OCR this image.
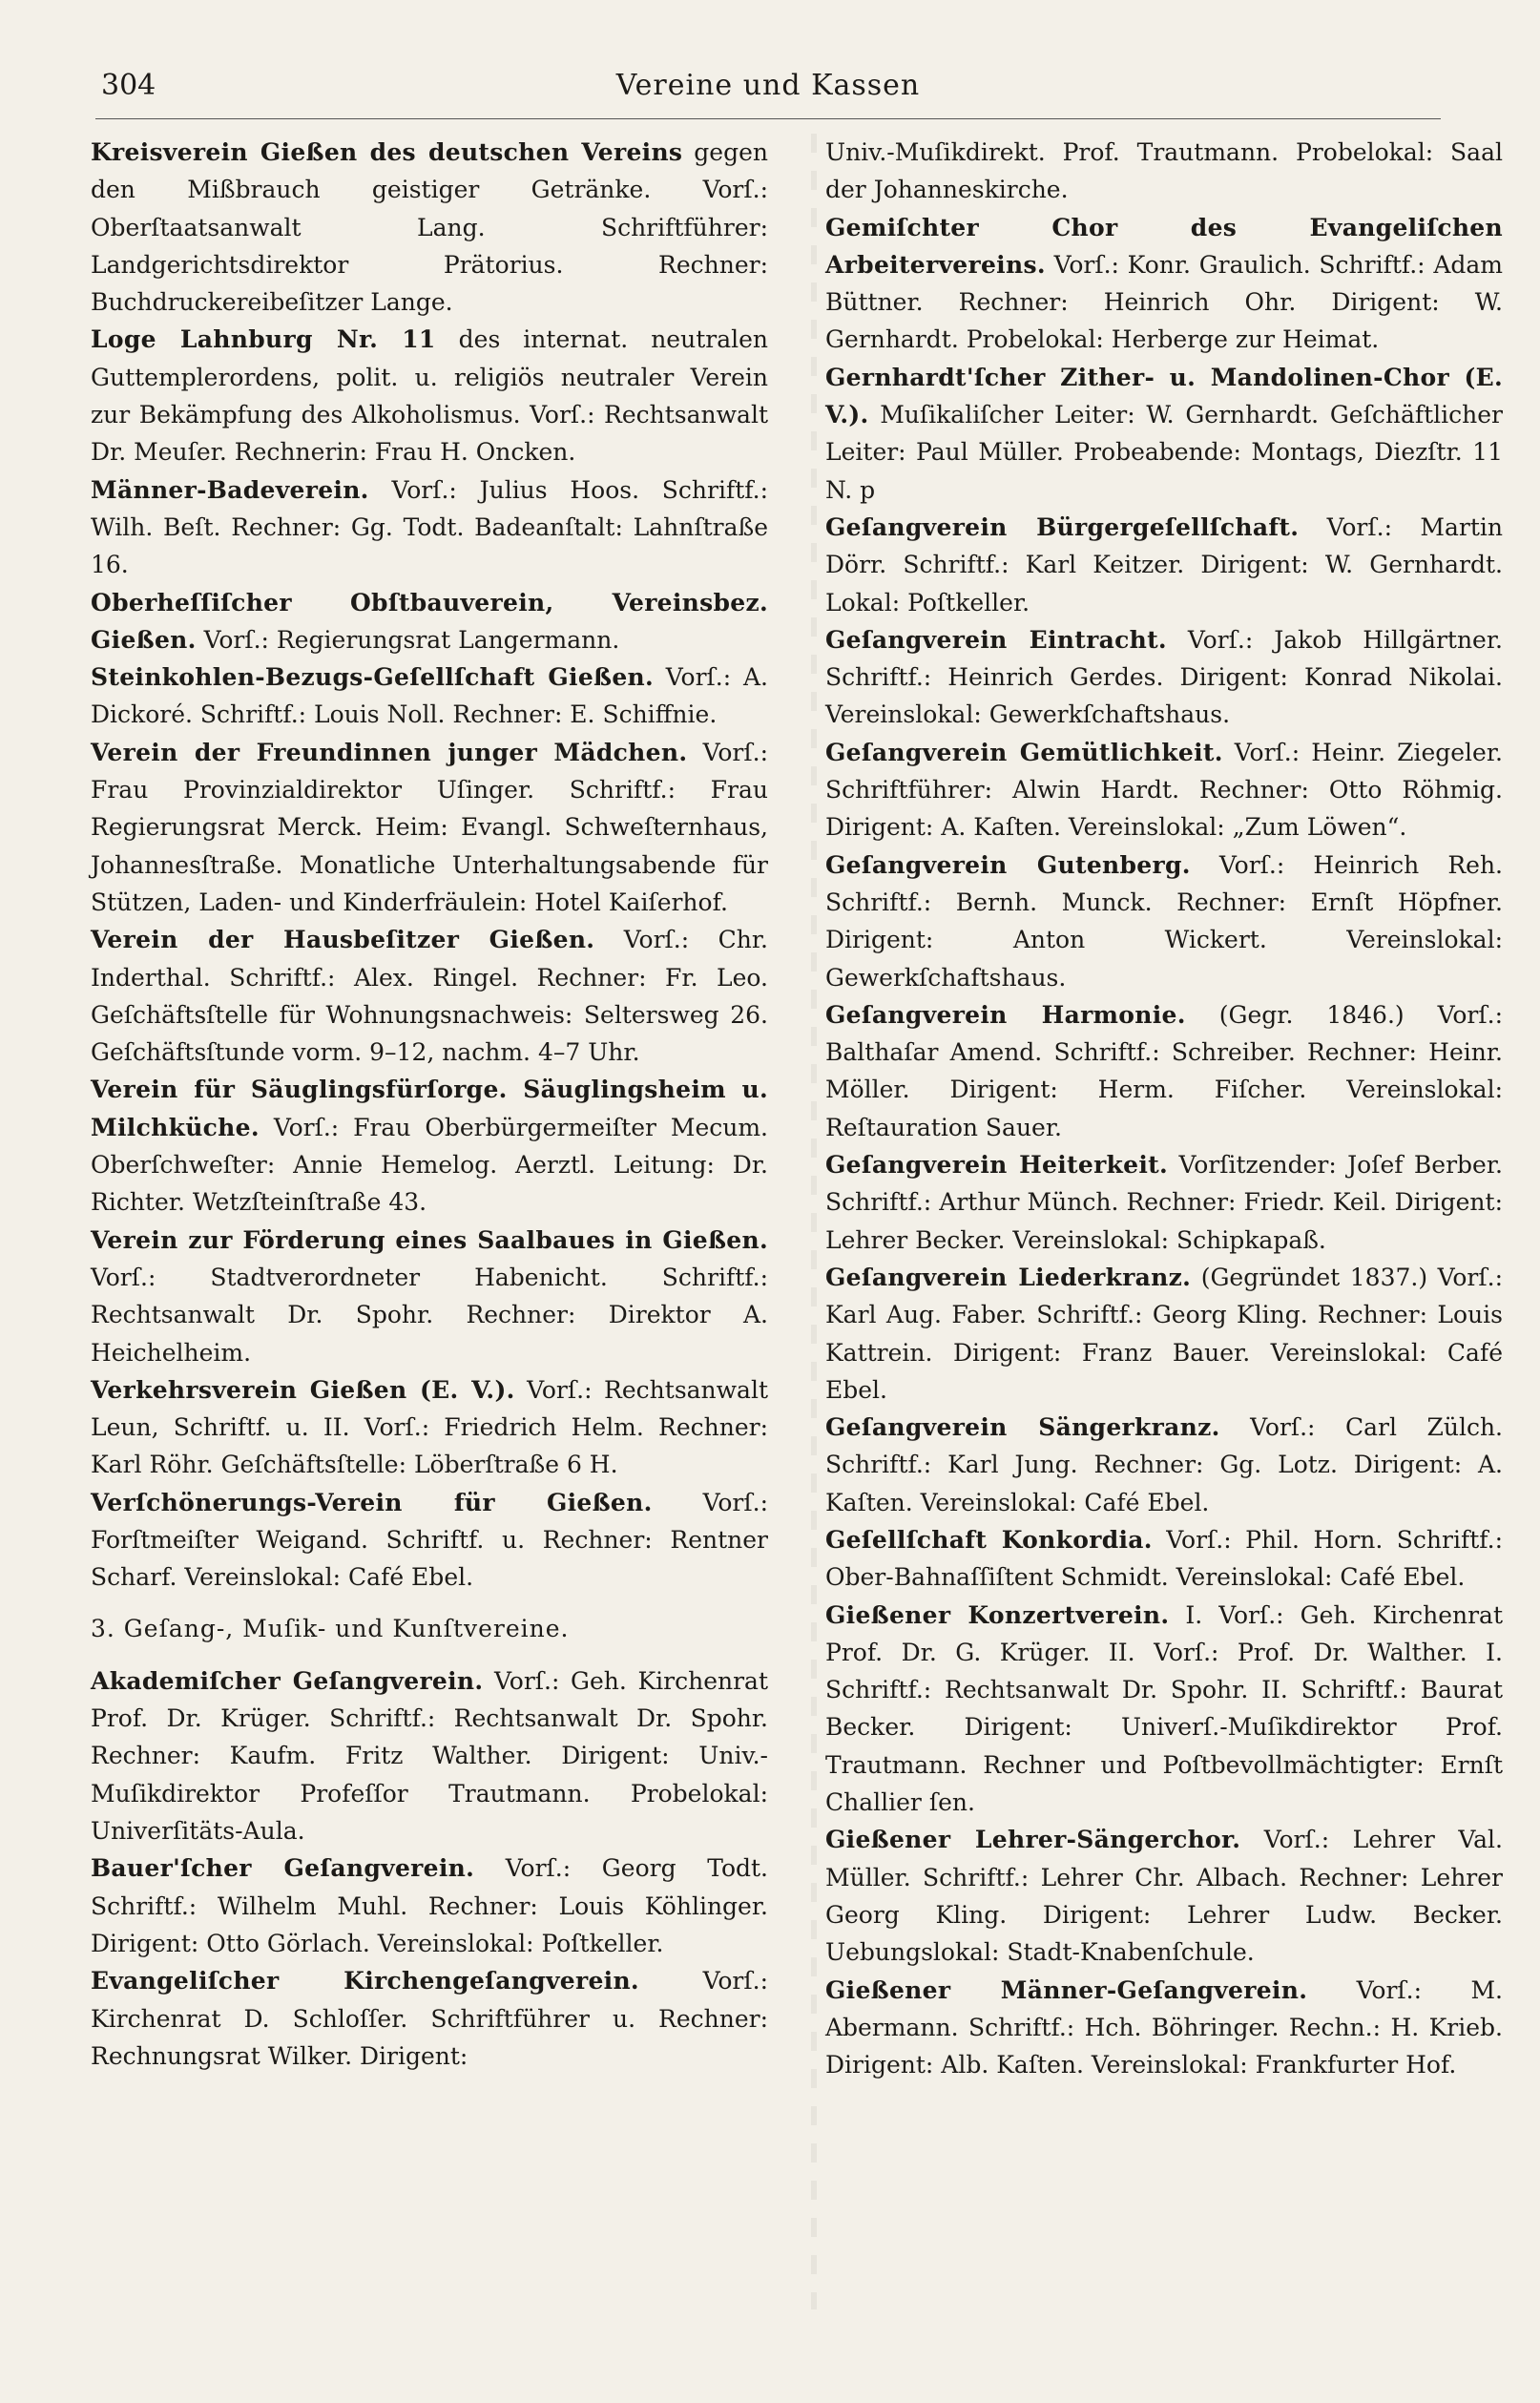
304	Vereine und Kassen

Kreisverein Gießen des deutschen Vereins gegen den Mißbrauch geistiger Getränke. Vorſ.: Oberſtaatsanwalt Lang. Schriftführer: Landgerichtsdirektor Prätorius. Rechner: Buchdruckereibeſitzer Lange.

Loge Lahnburg Nr. 11 des internat. neutralen Guttemplerordens, polit. u. religiös neutraler Verein zur Bekämpfung des Alkoholismus. Vorſ.: Rechtsanwalt Dr. Meuſer. Rechnerin: Frau H. Oncken.

Männer-Badeverein. Vorſ.: Julius Hoos. Schriftf.: Wilh. Beſt. Rechner: Gg. Todt. Badeanſtalt: Lahnſtraße 16.

Oberheſſiſcher Obſtbauverein, Vereinsbez. Gießen. Vorſ.: Regierungsrat Langermann.

Steinkohlen-Bezugs-Geſellſchaft Gießen. Vorſ.: A. Dickoré. Schriftf.: Louis Noll. Rechner: E. Schiffnie.

Verein der Freundinnen junger Mädchen. Vorſ.: Frau Provinzialdirektor Uſinger. Schriftf.: Frau Regierungsrat Merck. Heim: Evangl. Schweſternhaus, Johannesſtraße. Monatliche Unterhaltungsabende für Stützen, Laden- und Kinderfräulein: Hotel Kaiſerhof.

Verein der Hausbeſitzer Gießen. Vorſ.: Chr. Inderthal. Schriftf.: Alex. Ringel. Rechner: Fr. Leo. Geſchäftsſtelle für Wohnungsnachweis: Seltersweg 26. Geſchäftsſtunde vorm. 9–12, nachm. 4–7 Uhr.

Verein für Säuglingsfürſorge. Säuglingsheim u. Milchküche. Vorſ.: Frau Oberbürgermeiſter Mecum. Oberſchweſter: Annie Hemelog. Aerztl. Leitung: Dr. Richter. Wetzſteinſtraße 43.

Verein zur Förderung eines Saalbaues in Gießen. Vorſ.: Stadtverordneter Habenicht. Schriftf.: Rechtsanwalt Dr. Spohr. Rechner: Direktor A. Heichelheim.

Verkehrsverein Gießen (E. V.). Vorſ.: Rechtsanwalt Leun, Schriftf. u. II. Vorſ.: Friedrich Helm. Rechner: Karl Röhr. Geſchäftsſtelle: Löberſtraße 6 H.

Verſchönerungs-Verein für Gießen. Vorſ.: Forſtmeiſter Weigand. Schriftf. u. Rechner: Rentner Scharf. Vereinslokal: Café Ebel.

3. Geſang-, Muſik- und Kunſtvereine.

Akademiſcher Geſangverein. Vorſ.: Geh. Kirchenrat Prof. Dr. Krüger. Schriftf.: Rechtsanwalt Dr. Spohr. Rechner: Kaufm. Fritz Walther. Dirigent: Univ.-Muſikdirektor Profeſſor Trautmann. Probelokal: Univerſitäts-Aula.

Bauer'ſcher Geſangverein. Vorſ.: Georg Todt. Schriftf.: Wilhelm Muhl. Rechner: Louis Köhlinger. Dirigent: Otto Görlach. Vereinslokal: Poſtkeller.

Evangeliſcher Kirchengeſangverein.	Vorſ.: Kirchenrat D. Schloſſer. Schriftführer u. Rechner: Rechnungsrat Wilker. Dirigent:

Univ.-Muſikdirekt. Prof. Trautmann. Probelokal: Saal der Johanneskirche.

Gemiſchter Chor des Evangeliſchen Arbeitervereins. Vorſ.: Konr. Graulich. Schriftf.: Adam Büttner. Rechner: Heinrich Ohr. Dirigent: W. Gernhardt. Probelokal: Herberge zur Heimat.

Gernhardt'ſcher Zither- u. Mandolinen-Chor (E. V.). Muſikaliſcher Leiter: W. Gernhardt. Geſchäftlicher Leiter: Paul Müller. Probeabende: Montags, Diezſtr. 11 N. p

Geſangverein Bürgergeſellſchaft. Vorſ.: Martin Dörr. Schriftf.: Karl Keitzer. Dirigent: W. Gernhardt. Lokal: Poſtkeller.

Geſangverein Eintracht. Vorſ.: Jakob Hillgärtner. Schriftf.: Heinrich Gerdes. Dirigent: Konrad Nikolai. Vereinslokal: Gewerkſchaftshaus.

Geſangverein Gemütlichkeit. Vorſ.: Heinr. Ziegeler. Schriftführer: Alwin Hardt. Rechner: Otto Röhmig. Dirigent: A. Kaſten. Vereinslokal: „Zum Löwen“.

Geſangverein Gutenberg. Vorſ.: Heinrich Reh. Schriftf.: Bernh. Munck. Rechner: Ernſt Höpfner. Dirigent: Anton Wickert. Vereinslokal: Gewerkſchaftshaus.

Geſangverein Harmonie. (Gegr. 1846.) Vorſ.: Balthaſar Amend. Schriftf.: Schreiber. Rechner: Heinr. Möller. Dirigent: Herm. Fiſcher. Vereinslokal: Reſtauration Sauer.

Geſangverein Heiterkeit. Vorſitzender: Joſef Berber. Schriftf.: Arthur Münch. Rechner: Friedr. Keil. Dirigent: Lehrer Becker. Vereinslokal: Schipkapaß.

Geſangverein Liederkranz. (Gegründet 1837.) Vorſ.: Karl Aug. Faber. Schriftf.: Georg Kling. Rechner: Louis Kattrein. Dirigent: Franz Bauer. Vereinslokal: Café Ebel.

Geſangverein Sängerkranz. Vorſ.: Carl Zülch. Schriftf.: Karl Jung. Rechner: Gg. Lotz. Dirigent: A. Kaſten. Vereinslokal: Café Ebel.

Geſellſchaft Konkordia. Vorſ.: Phil. Horn. Schriftf.: Ober-Bahnaſſiſtent Schmidt. Vereinslokal: Café Ebel.

Gießener Konzertverein. I. Vorſ.: Geh. Kirchenrat Prof. Dr. G. Krüger. II. Vorſ.: Prof. Dr. Walther. I. Schriftf.: Rechtsanwalt Dr. Spohr. II. Schriftf.: Baurat Becker. Dirigent: Univerſ.-Muſikdirektor Prof. Trautmann. Rechner und Poſtbevollmächtigter: Ernſt Challier ſen.

Gießener Lehrer-Sängerchor. Vorſ.: Lehrer Val. Müller. Schriftf.: Lehrer Chr. Albach. Rechner: Lehrer Georg Kling. Dirigent: Lehrer Ludw. Becker. Uebungslokal: Stadt-Knabenſchule.

Gießener Männer-Geſangverein. Vorſ.: M. Abermann. Schriftf.: Hch. Böhringer. Rechn.: H. Krieb. Dirigent: Alb. Kaſten. Vereinslokal: Frankfurter Hof.
